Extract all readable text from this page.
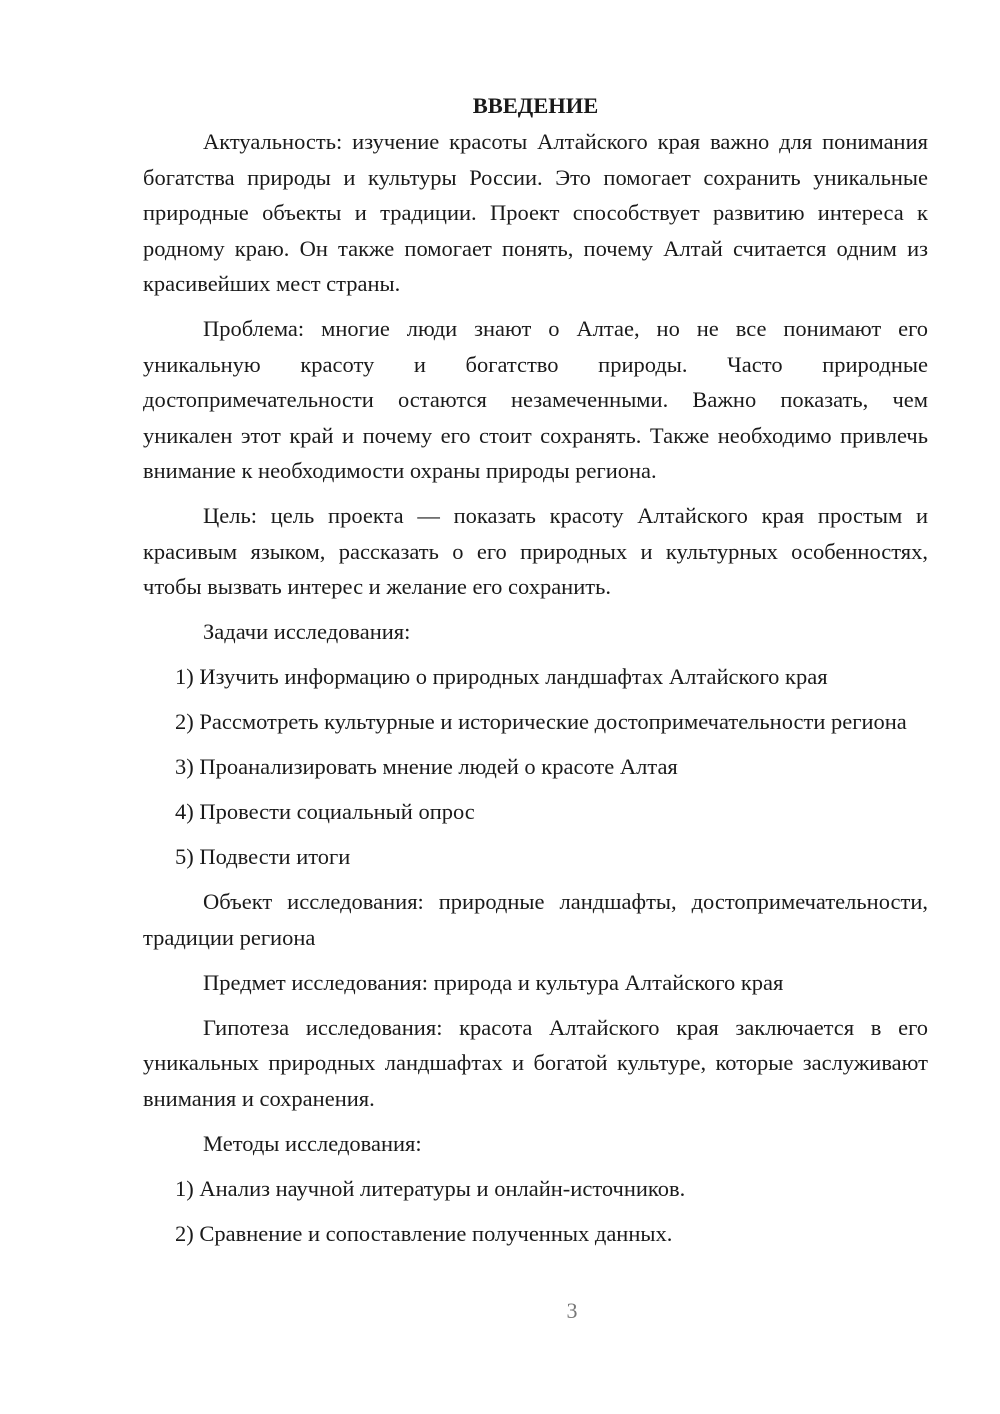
ВВЕДЕНИЕ

Актуальность: изучение красоты Алтайского края важно для понимания богатства природы и культуры России. Это помогает сохранить уникальные природные объекты и традиции. Проект способствует развитию интереса к родному краю. Он также помогает понять, почему Алтай считается одним из красивейших мест страны.

Проблема: многие люди знают о Алтае, но не все понимают его уникальную красоту и богатство природы. Часто природные достопримечательности остаются незамеченными. Важно показать, чем уникален этот край и почему его стоит сохранять. Также необходимо привлечь внимание к необходимости охраны природы региона.

Цель: цель проекта — показать красоту Алтайского края простым и красивым языком, рассказать о его природных и культурных особенностях, чтобы вызвать интерес и желание его сохранить.

Задачи исследования:

1) Изучить информацию о природных ландшафтах Алтайского края

2) Рассмотреть культурные и исторические достопримечательности региона

3) Проанализировать мнение людей о красоте Алтая

4) Провести социальный опрос

5) Подвести итоги

Объект исследования: природные ландшафты, достопримечательности, традиции региона

Предмет исследования: природа и культура Алтайского края

Гипотеза исследования: красота Алтайского края заключается в его уникальных природных ландшафтах и богатой культуре, которые заслуживают внимания и сохранения.

Методы исследования:

1) Анализ научной литературы и онлайн-источников.

2) Сравнение и сопоставление полученных данных.

3
